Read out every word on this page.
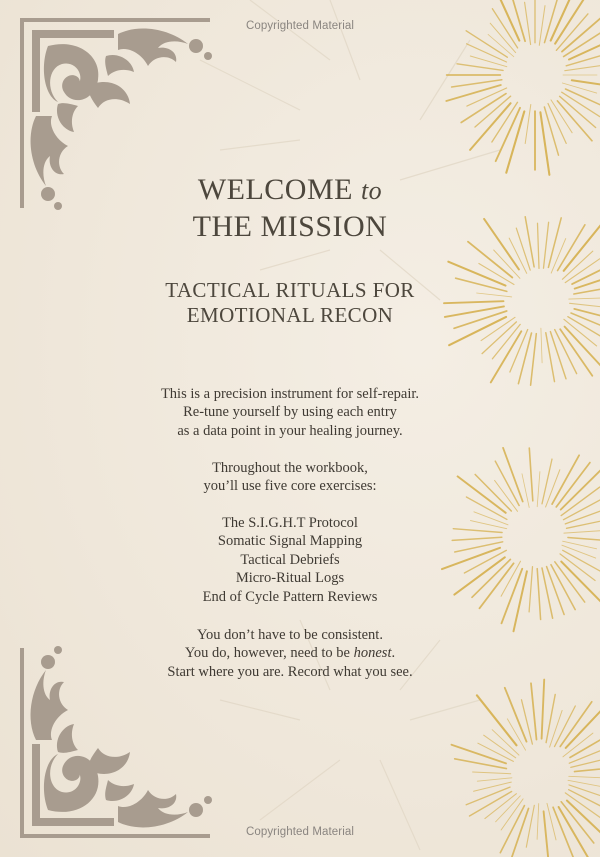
Copyrighted Material
WELCOME to
THE MISSION
TACTICAL RITUALS FOR
EMOTIONAL RECON
This is a precision instrument for self-repair.
Re-tune yourself by using each entry
as a data point in your healing journey.
Throughout the workbook,
you’ll use five core exercises:
The S.I.G.H.T Protocol
Somatic Signal Mapping
Tactical Debriefs
Micro-Ritual Logs
End of Cycle Pattern Reviews
You don’t have to be consistent.
You do, however, need to be honest.
Start where you are. Record what you see.
Copyrighted Material
